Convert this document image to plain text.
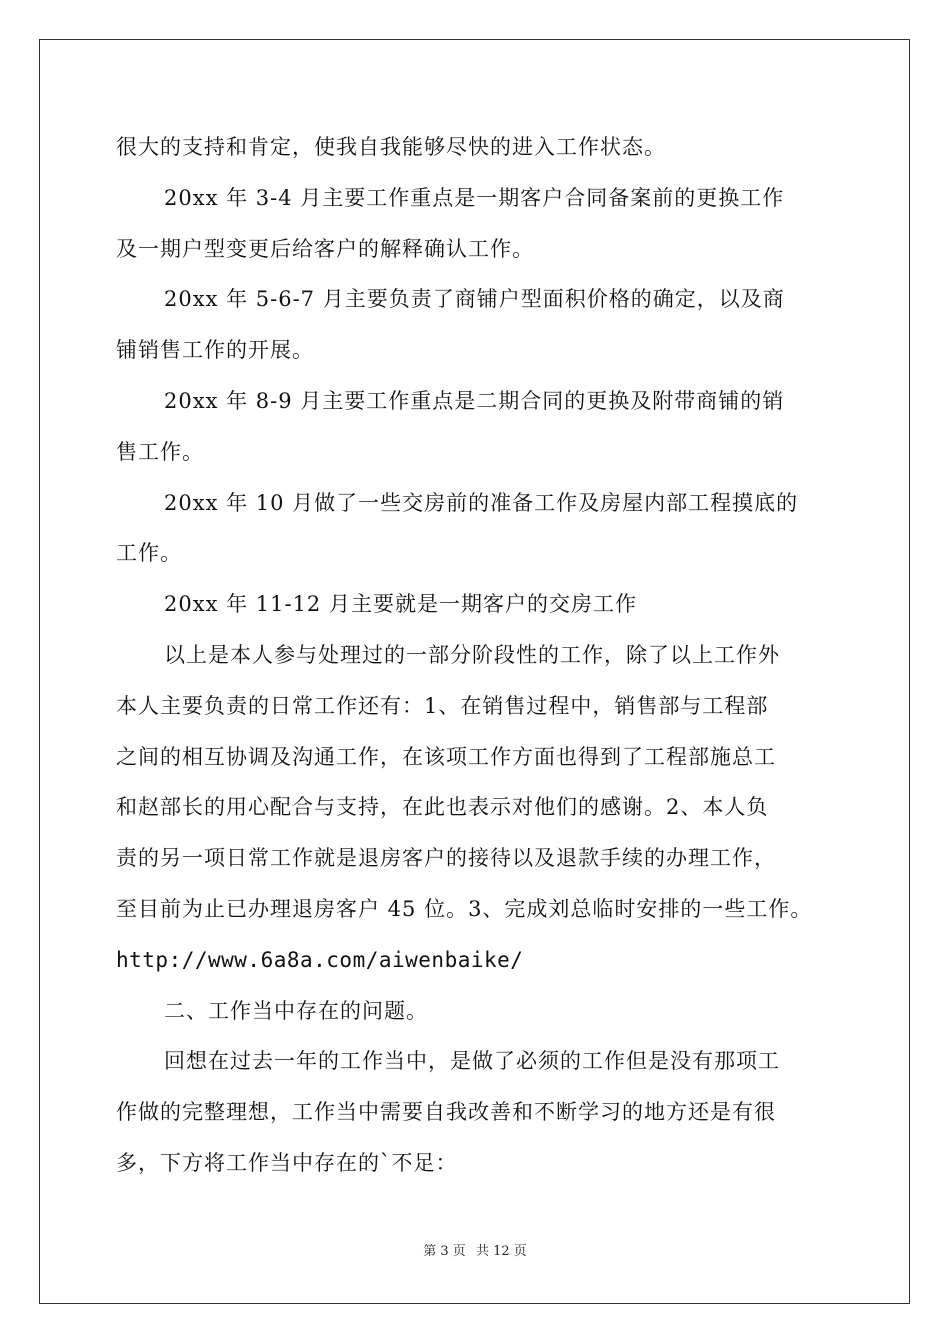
很大的支持和肯定，使我自我能够尽快的进入工作状态。
20xx 年 3-4 月主要工作重点是一期客户合同备案前的更换工作
及一期户型变更后给客户的解释确认工作。
20xx 年 5-6-7 月主要负责了商铺户型面积价格的确定，以及商
铺销售工作的开展。
20xx 年 8-9 月主要工作重点是二期合同的更换及附带商铺的销
售工作。
20xx 年 10 月做了一些交房前的准备工作及房屋内部工程摸底的
工作。
20xx 年 11-12 月主要就是一期客户的交房工作
以上是本人参与处理过的一部分阶段性的工作，除了以上工作外
本人主要负责的日常工作还有：1、在销售过程中，销售部与工程部
之间的相互协调及沟通工作，在该项工作方面也得到了工程部施总工
和赵部长的用心配合与支持，在此也表示对他们的感谢。2、本人负
责的另一项日常工作就是退房客户的接待以及退款手续的办理工作，
至目前为止已办理退房客户 45 位。3、完成刘总临时安排的一些工作。
http://www.6a8a.com/aiwenbaike/
二、工作当中存在的问题。
回想在过去一年的工作当中，是做了必须的工作但是没有那项工
作做的完整理想，工作当中需要自我改善和不断学习的地方还是有很
多，下方将工作当中存在的`不足：
第 3 页 共 12 页
